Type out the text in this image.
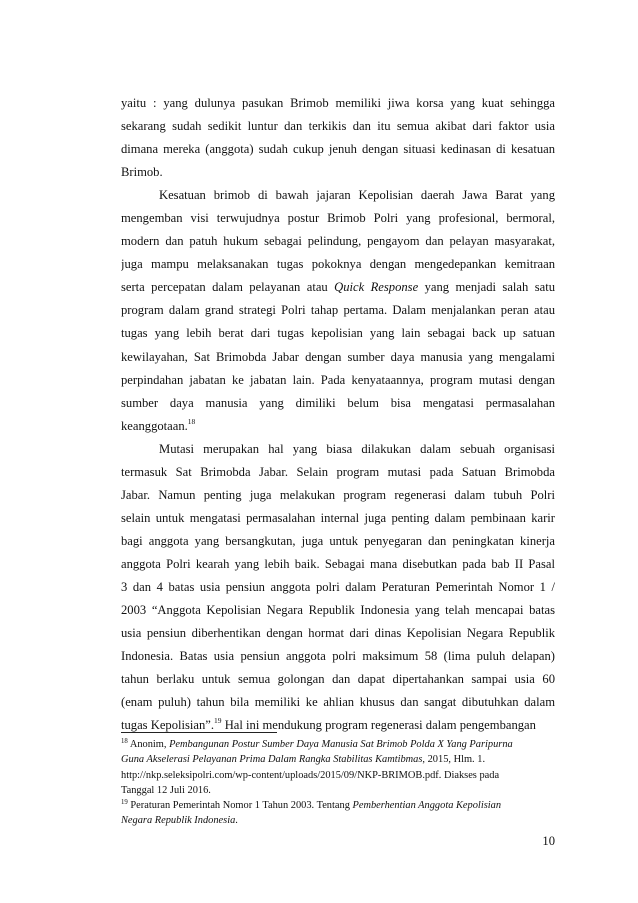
yaitu : yang dulunya pasukan Brimob memiliki jiwa korsa yang kuat sehingga
sekarang sudah sedikit luntur dan terkikis dan itu semua akibat dari faktor usia
dimana mereka (anggota) sudah cukup jenuh dengan situasi kedinasan di kesatuan
Brimob.
Kesatuan brimob di bawah jajaran Kepolisian daerah Jawa Barat yang
mengemban visi terwujudnya postur Brimob Polri yang profesional, bermoral,
modern dan patuh hukum sebagai pelindung, pengayom dan pelayan masyarakat,
juga mampu melaksanakan tugas pokoknya dengan mengedepankan kemitraan
serta percepatan dalam pelayanan atau Quick Response yang menjadi salah satu
program dalam grand strategi Polri tahap pertama. Dalam menjalankan peran atau
tugas yang lebih berat dari tugas kepolisian yang lain sebagai back up satuan
kewilayahan, Sat Brimobda Jabar dengan sumber daya manusia yang mengalami
perpindahan jabatan ke jabatan lain. Pada kenyataannya, program mutasi dengan
sumber daya manusia yang dimiliki belum bisa mengatasi permasalahan
keanggotaan.$^{18}$
Mutasi merupakan hal yang biasa dilakukan dalam sebuah organisasi
termasuk Sat Brimobda Jabar. Selain program mutasi pada Satuan Brimobda
Jabar. Namun penting juga melakukan program regenerasi dalam tubuh Polri
selain untuk mengatasi permasalahan internal juga penting dalam pembinaan karir
bagi anggota yang bersangkutan, juga untuk penyegaran dan peningkatan kinerja
anggota Polri kearah yang lebih baik. Sebagai mana disebutkan pada bab II Pasal
3 dan 4 batas usia pensiun anggota polri dalam Peraturan Pemerintah Nomor 1 /
2003 “Anggota Kepolisian Negara Republik Indonesia yang telah mencapai batas
usia pensiun diberhentikan dengan hormat dari dinas Kepolisian Negara Republik
Indonesia. Batas usia pensiun anggota polri maksimum 58 (lima puluh delapan)
tahun berlaku untuk semua golongan dan dapat dipertahankan sampai usia 60
(enam puluh) tahun bila memiliki ke ahlian khusus dan sangat dibutuhkan dalam
tugas Kepolisian”.$^{19}$ Hal ini mendukung program regenerasi dalam pengembangan
$^{18}$ Anonim, Pembangunan Postur Sumber Daya Manusia Sat Brimob Polda X Yang Paripurna
Guna Akselerasi Pelayanan Prima Dalam Rangka Stabilitas Kamtibmas, 2015, Hlm. 1.
http://nkp.seleksipolri.com/wp-content/uploads/2015/09/NKP-BRIMOB.pdf. Diakses pada
Tanggal 12 Juli 2016.
$^{19}$ Peraturan Pemerintah Nomor 1 Tahun 2003. Tentang Pemberhentian Anggota Kepolisian
Negara Republik Indonesia.
10
